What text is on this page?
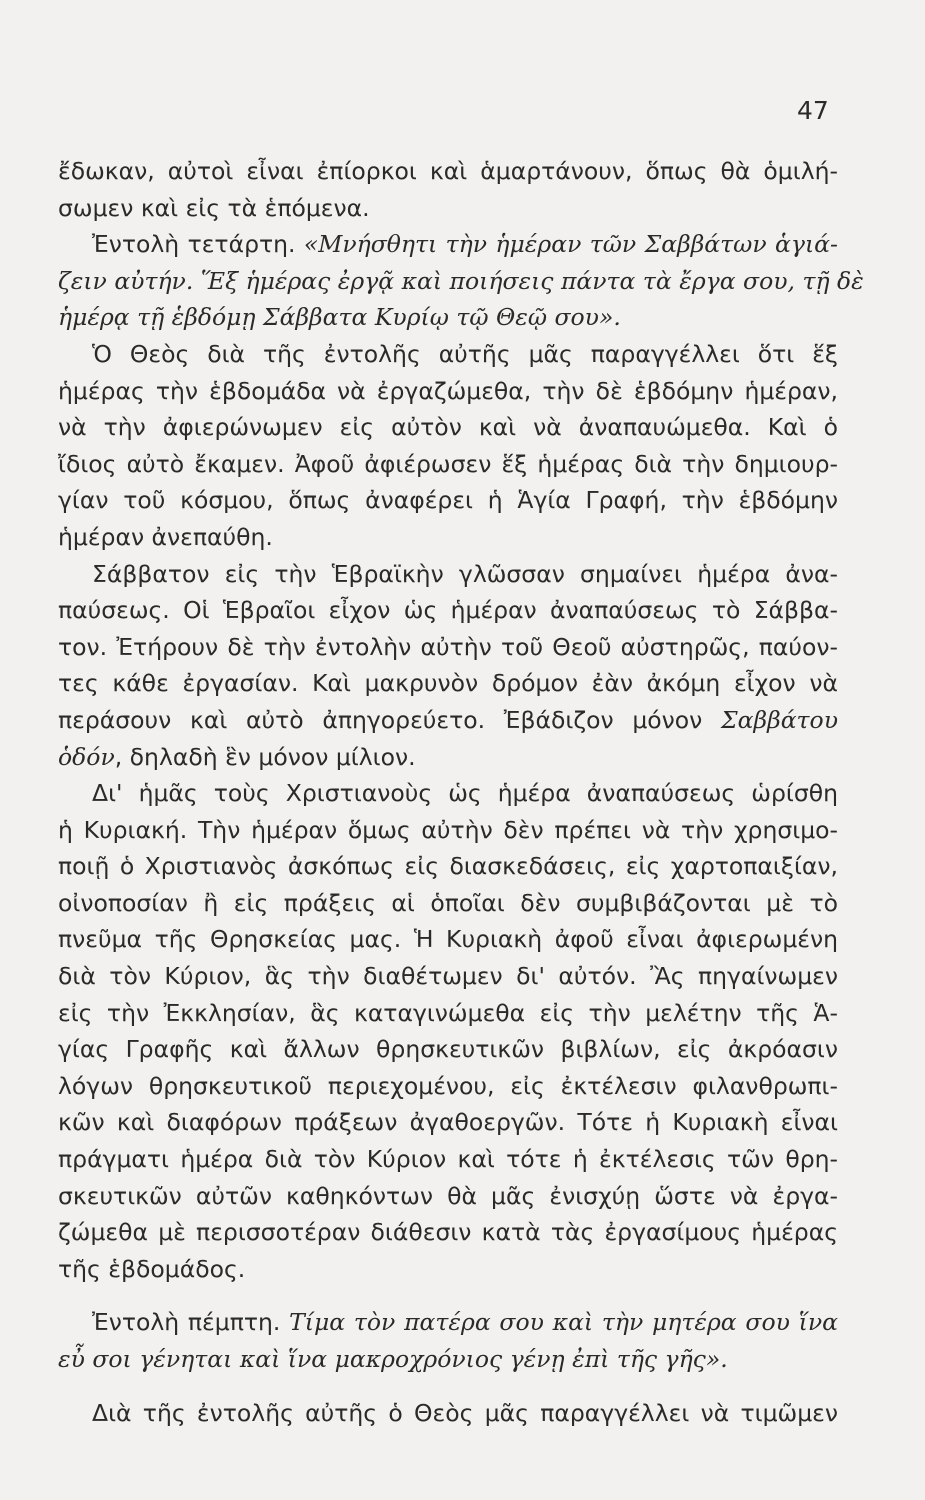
47
ἔδωκαν, αὐτοὶ εἶναι ἐπίορκοι καὶ ἁμαρτάνουν, ὅπως θὰ ὁμιλή-
σωμεν καὶ εἰς τὰ ἑπόμενα.
Ἐντολὴ τετάρτη. «Μνήσθητι τὴν ἡμέραν τῶν Σαββάτων ἁγιά-
ζειν αὐτήν. Ἕξ ἡμέρας ἐργᾷ καὶ ποιήσεις πάντα τὰ ἔργα σου, τῇ δὲ
ἡμέρᾳ τῇ ἑβδόμῃ Σάββατα Κυρίῳ τῷ Θεῷ σου».
Ὁ Θεὸς διὰ τῆς ἐντολῆς αὐτῆς μᾶς παραγγέλλει ὅτι ἕξ
ἡμέρας τὴν ἑβδομάδα νὰ ἐργαζώμεθα, τὴν δὲ ἑβδόμην ἡμέραν,
νὰ τὴν ἀφιερώνωμεν εἰς αὐτὸν καὶ νὰ ἀναπαυώμεθα. Καὶ ὁ
ἴδιος αὐτὸ ἔκαμεν. Ἀφοῦ ἀφιέρωσεν ἕξ ἡμέρας διὰ τὴν δημιουρ-
γίαν τοῦ κόσμου, ὅπως ἀναφέρει ἡ Ἁγία Γραφή, τὴν ἑβδόμην
ἡμέραν ἀνεπαύθη.
Σάββατον εἰς τὴν Ἑβραϊκὴν γλῶσσαν σημαίνει ἡμέρα ἀνα-
παύσεως. Οἱ Ἑβραῖοι εἶχον ὡς ἡμέραν ἀναπαύσεως τὸ Σάββα-
τον. Ἐτήρουν δὲ τὴν ἐντολὴν αὐτὴν τοῦ Θεοῦ αὐστηρῶς, παύον-
τες κάθε ἐργασίαν. Καὶ μακρυνὸν δρόμον ἐὰν ἀκόμη εἶχον νὰ
περάσουν καὶ αὐτὸ ἀπηγορεύετο. Ἐβάδιζον μόνον Σαββάτου
ὁδόν, δηλαδὴ ἓν μόνον μίλιον.
Δι' ἡμᾶς τοὺς Χριστιανοὺς ὡς ἡμέρα ἀναπαύσεως ὡρίσθη
ἡ Κυριακή. Τὴν ἡμέραν ὅμως αὐτὴν δὲν πρέπει νὰ τὴν χρησιμο-
ποιῇ ὁ Χριστιανὸς ἀσκόπως εἰς διασκεδάσεις, εἰς χαρτοπαιξίαν,
οἰνοποσίαν ἢ εἰς πράξεις αἱ ὁποῖαι δὲν συμβιβάζονται μὲ τὸ
πνεῦμα τῆς Θρησκείας μας. Ἡ Κυριακὴ ἀφοῦ εἶναι ἀφιερωμένη
διὰ τὸν Κύριον, ἃς τὴν διαθέτωμεν δι' αὐτόν. Ἂς πηγαίνωμεν
εἰς τὴν Ἐκκλησίαν, ἃς καταγινώμεθα εἰς τὴν μελέτην τῆς Ἁ-
γίας Γραφῆς καὶ ἄλλων θρησκευτικῶν βιβλίων, εἰς ἀκρόασιν
λόγων θρησκευτικοῦ περιεχομένου, εἰς ἐκτέλεσιν φιλανθρωπι-
κῶν καὶ διαφόρων πράξεων ἀγαθοεργῶν. Τότε ἡ Κυριακὴ εἶναι
πράγματι ἡμέρα διὰ τὸν Κύριον καὶ τότε ἡ ἐκτέλεσις τῶν θρη-
σκευτικῶν αὐτῶν καθηκόντων θὰ μᾶς ἐνισχύῃ ὥστε νὰ ἐργα-
ζώμεθα μὲ περισσοτέραν διάθεσιν κατὰ τὰς ἐργασίμους ἡμέρας
τῆς ἑβδομάδος.
Ἐντολὴ πέμπτη. Τίμα τὸν πατέρα σου καὶ τὴν μητέρα σου ἵνα
εὖ σοι γένηται καὶ ἵνα μακροχρόνιος γένῃ ἐπὶ τῆς γῆς».
Διὰ τῆς ἐντολῆς αὐτῆς ὁ Θεὸς μᾶς παραγγέλλει νὰ τιμῶμεν
